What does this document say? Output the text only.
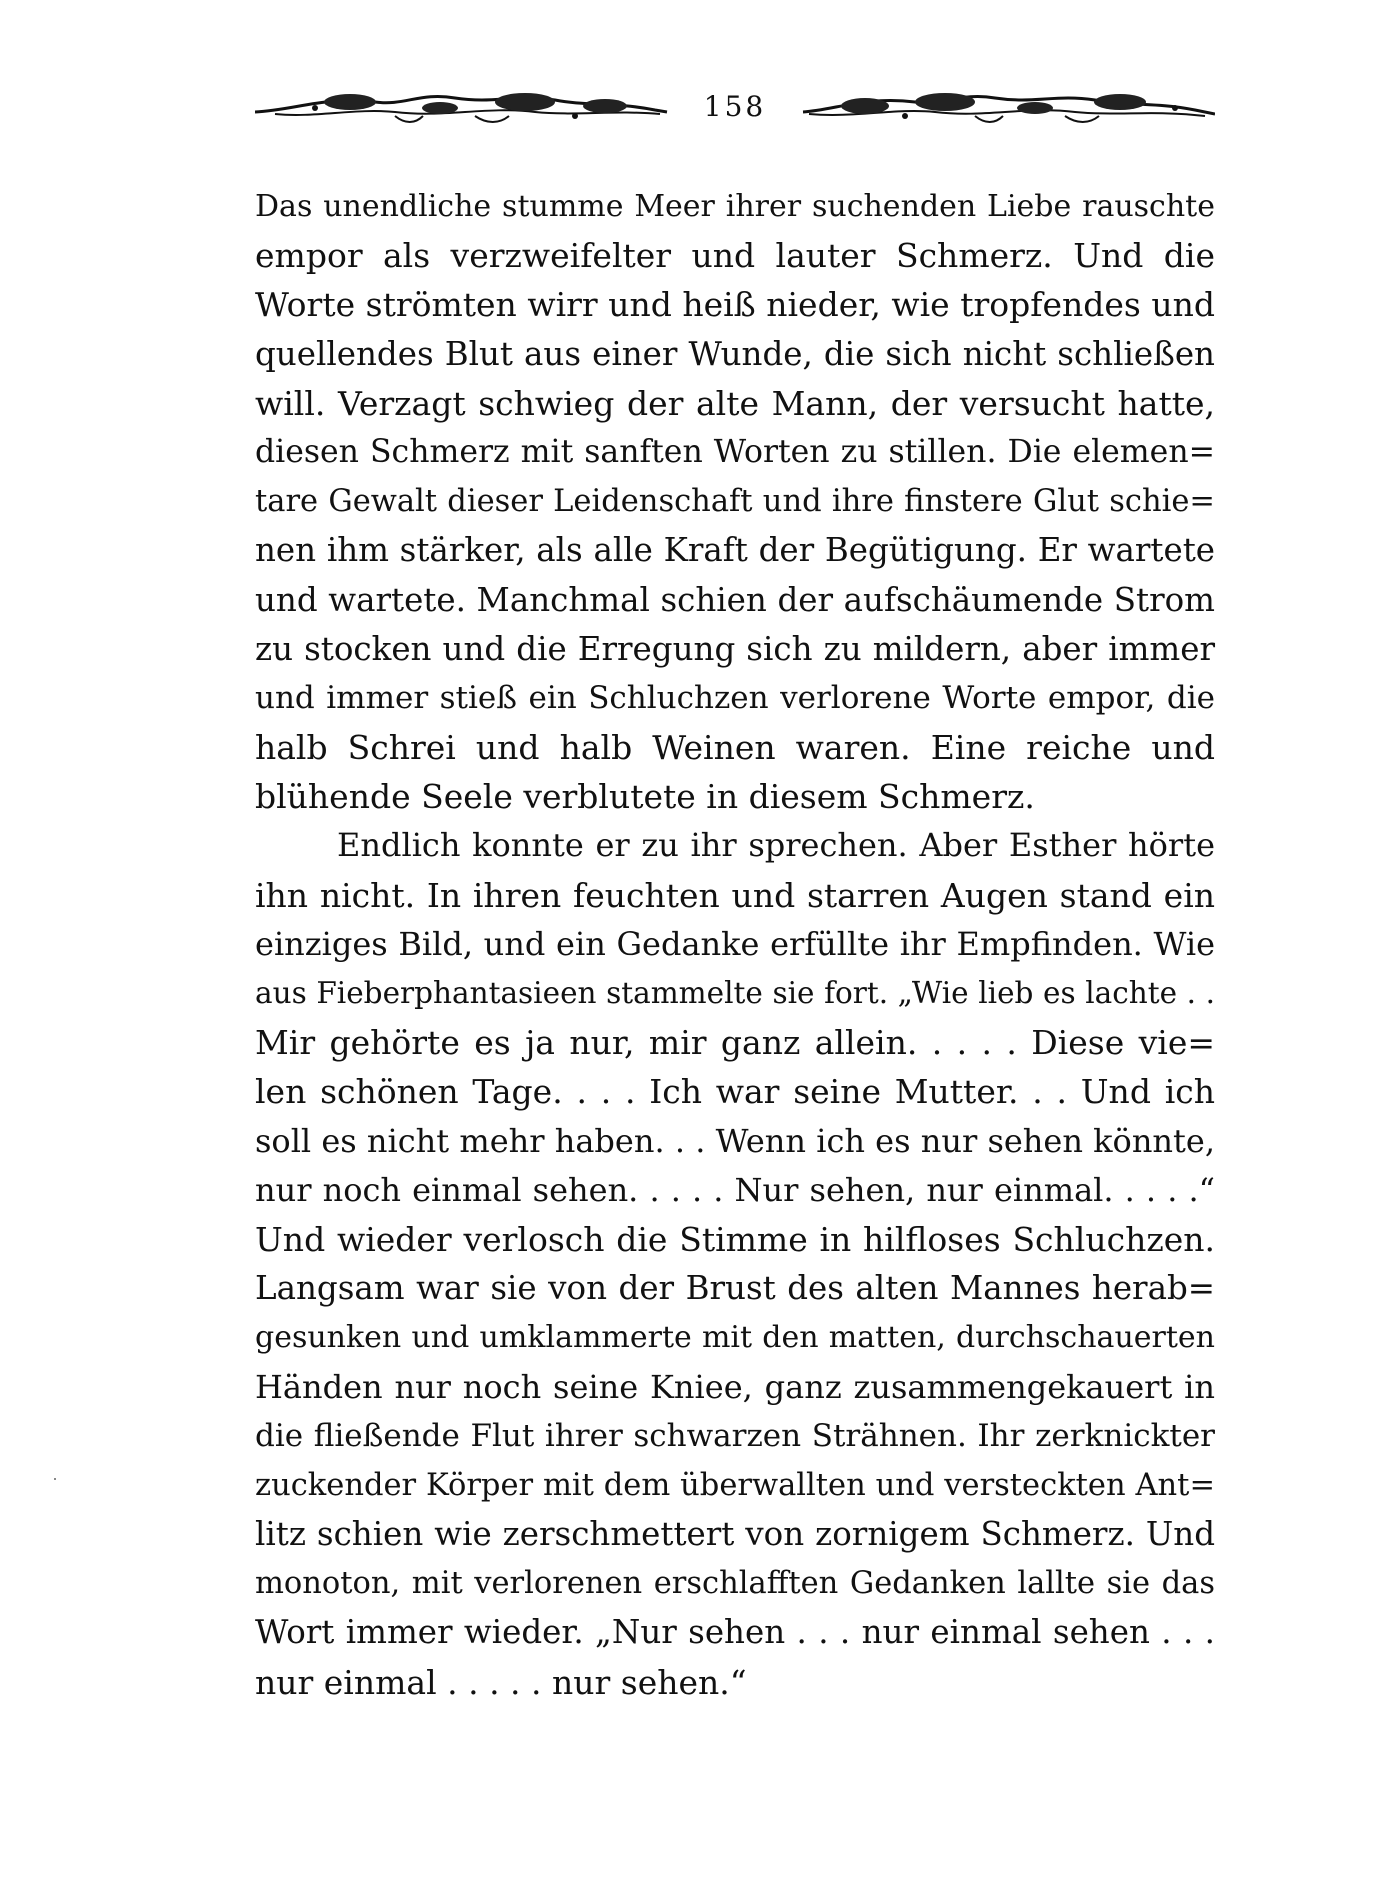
158
Das unendliche stumme Meer ihrer suchenden Liebe rauschte
empor als verzweifelter und lauter Schmerz. Und die
Worte strömten wirr und heiß nieder, wie tropfendes und
quellendes Blut aus einer Wunde, die sich nicht schließen
will. Verzagt schwieg der alte Mann, der versucht hatte,
diesen Schmerz mit sanften Worten zu stillen. Die elemen=
tare Gewalt dieser Leidenschaft und ihre finstere Glut schie=
nen ihm stärker, als alle Kraft der Begütigung. Er wartete
und wartete. Manchmal schien der aufschäumende Strom
zu stocken und die Erregung sich zu mildern, aber immer
und immer stieß ein Schluchzen verlorene Worte empor, die
halb Schrei und halb Weinen waren. Eine reiche und
blühende Seele verblutete in diesem Schmerz.
Endlich konnte er zu ihr sprechen. Aber Esther hörte
ihn nicht. In ihren feuchten und starren Augen stand ein
einziges Bild, und ein Gedanke erfüllte ihr Empfinden. Wie
aus Fieberphantasieen stammelte sie fort. „Wie lieb es lachte . .
Mir gehörte es ja nur, mir ganz allein. . . . . Diese vie=
len schönen Tage. . . . Ich war seine Mutter. . . Und ich
soll es nicht mehr haben. . . Wenn ich es nur sehen könnte,
nur noch einmal sehen. . . . . Nur sehen, nur einmal. . . . .“
Und wieder verlosch die Stimme in hilfloses Schluchzen.
Langsam war sie von der Brust des alten Mannes herab=
gesunken und umklammerte mit den matten, durchschauerten
Händen nur noch seine Kniee, ganz zusammengekauert in
die fließende Flut ihrer schwarzen Strähnen. Ihr zerknickter
zuckender Körper mit dem überwallten und versteckten Ant=
litz schien wie zerschmettert von zornigem Schmerz. Und
monoton, mit verlorenen erschlafften Gedanken lallte sie das
Wort immer wieder. „Nur sehen . . . nur einmal sehen . . .
nur einmal . . . . . nur sehen.“
